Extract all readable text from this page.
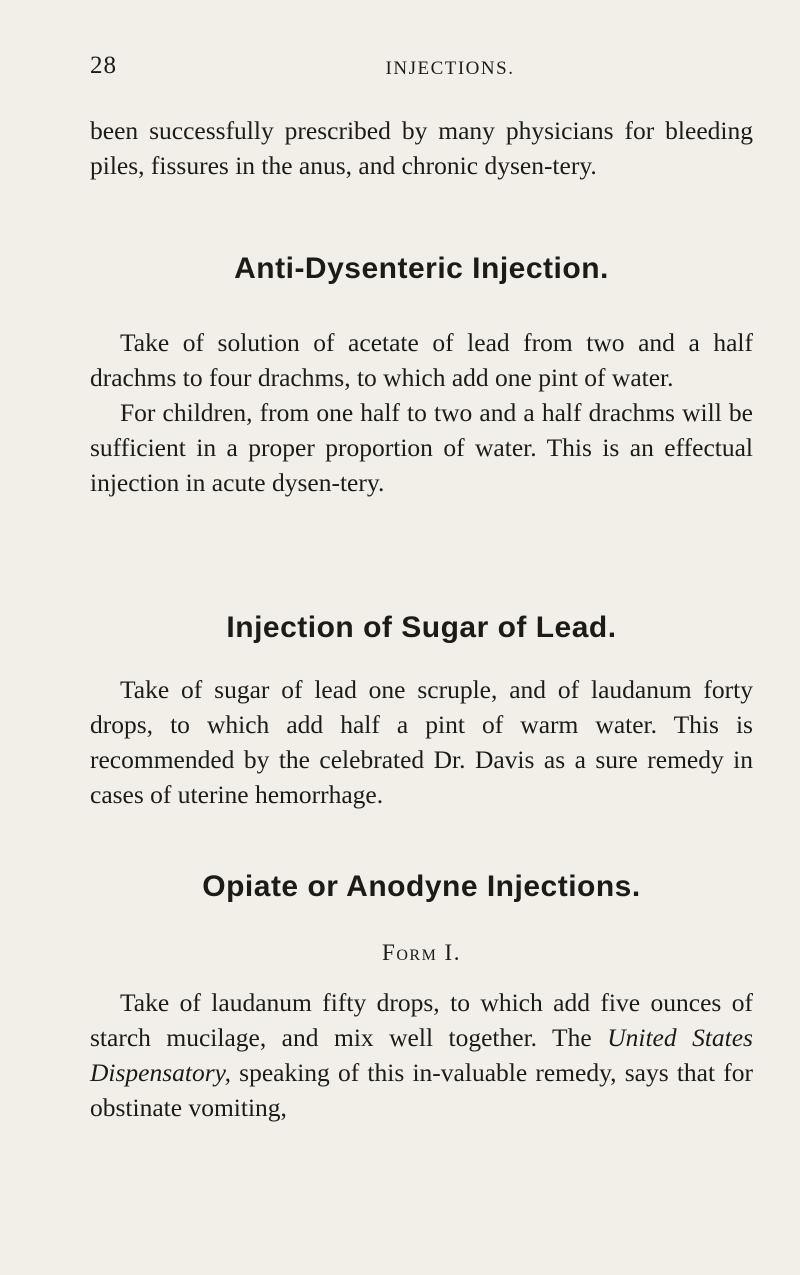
28	INJECTIONS.

been successfully prescribed by many physicians for bleeding piles, fissures in the anus, and chronic dysen-tery.

Anti-Dysenteric Injection.

Take of solution of acetate of lead from two and a half drachms to four drachms, to which add one pint of water.

For children, from one half to two and a half drachms will be sufficient in a proper proportion of water. This is an effectual injection in acute dysen-tery.

Injection of Sugar of Lead.

Take of sugar of lead one scruple, and of laudanum forty drops, to which add half a pint of warm water. This is recommended by the celebrated Dr. Davis as a sure remedy in cases of uterine hemorrhage.

Opiate or Anodyne Injections.
Form I.

Take of laudanum fifty drops, to which add five ounces of starch mucilage, and mix well together. The United States Dispensatory, speaking of this in-valuable remedy, says that for obstinate vomiting,
